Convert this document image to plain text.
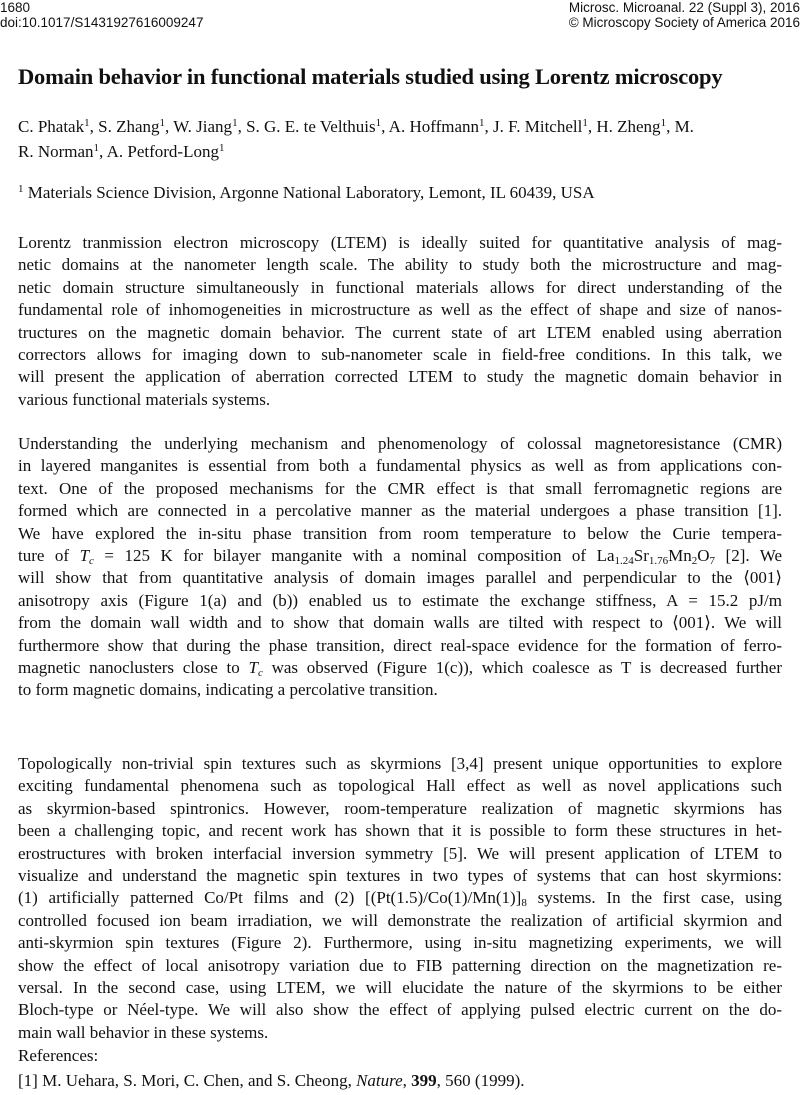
1680
doi:10.1017/S1431927616009247
Microsc. Microanal. 22 (Suppl 3), 2016
© Microscopy Society of America 2016
Domain behavior in functional materials studied using Lorentz microscopy
C. Phatak$^1$, S. Zhang$^1$, W. Jiang$^1$, S. G. E. te Velthuis$^1$, A. Hoffmann$^1$, J. F. Mitchell$^1$, H. Zheng$^1$, M.
R. Norman$^1$, A. Petford-Long$^1$
$^1$ Materials Science Division, Argonne National Laboratory, Lemont, IL 60439, USA
Lorentz tranmission electron microscopy (LTEM) is ideally suited for quantitative analysis of mag-
netic domains at the nanometer length scale. The ability to study both the microstructure and mag-
netic domain structure simultaneously in functional materials allows for direct understanding of the
fundamental role of inhomogeneities in microstructure as well as the effect of shape and size of nanos-
tructures on the magnetic domain behavior. The current state of art LTEM enabled using aberration
correctors allows for imaging down to sub-nanometer scale in field-free conditions. In this talk, we
will present the application of aberration corrected LTEM to study the magnetic domain behavior in
various functional materials systems.
Understanding the underlying mechanism and phenomenology of colossal magnetoresistance (CMR)
in layered manganites is essential from both a fundamental physics as well as from applications con-
text. One of the proposed mechanisms for the CMR effect is that small ferromagnetic regions are
formed which are connected in a percolative manner as the material undergoes a phase transition [1].
We have explored the in-situ phase transition from room temperature to below the Curie tempera-
ture of $T_c = 125$ K for bilayer manganite with a nominal composition of $La_{1.24}Sr_{1.76}Mn_2O_7$ [2]. We
will show that from quantitative analysis of domain images parallel and perpendicular to the ⟨001⟩
anisotropy axis (Figure 1(a) and (b)) enabled us to estimate the exchange stiffness, A = 15.2 pJ/m
from the domain wall width and to show that domain walls are tilted with respect to ⟨001⟩. We will
furthermore show that during the phase transition, direct real-space evidence for the formation of ferro-
magnetic nanoclusters close to $T_c$ was observed (Figure 1(c)), which coalesce as T is decreased further
to form magnetic domains, indicating a percolative transition.
Topologically non-trivial spin textures such as skyrmions [3,4] present unique opportunities to explore
exciting fundamental phenomena such as topological Hall effect as well as novel applications such
as skyrmion-based spintronics. However, room-temperature realization of magnetic skyrmions has
been a challenging topic, and recent work has shown that it is possible to form these structures in het-
erostructures with broken interfacial inversion symmetry [5]. We will present application of LTEM to
visualize and understand the magnetic spin textures in two types of systems that can host skyrmions:
(1) artificially patterned Co/Pt films and (2) [$(Pt(1.5)/Co(1)/Mn(1)]_8$ systems. In the first case, using
controlled focused ion beam irradiation, we will demonstrate the realization of artificial skyrmion and
anti-skyrmion spin textures (Figure 2). Furthermore, using in-situ magnetizing experiments, we will
show the effect of local anisotropy variation due to FIB patterning direction on the magnetization re-
versal. In the second case, using LTEM, we will elucidate the nature of the skyrmions to be either
Bloch-type or Néel-type. We will also show the effect of applying pulsed electric current on the do-
main wall behavior in these systems.
References:
[1] M. Uehara, S. Mori, C. Chen, and S. Cheong, Nature, 399, 560 (1999).
